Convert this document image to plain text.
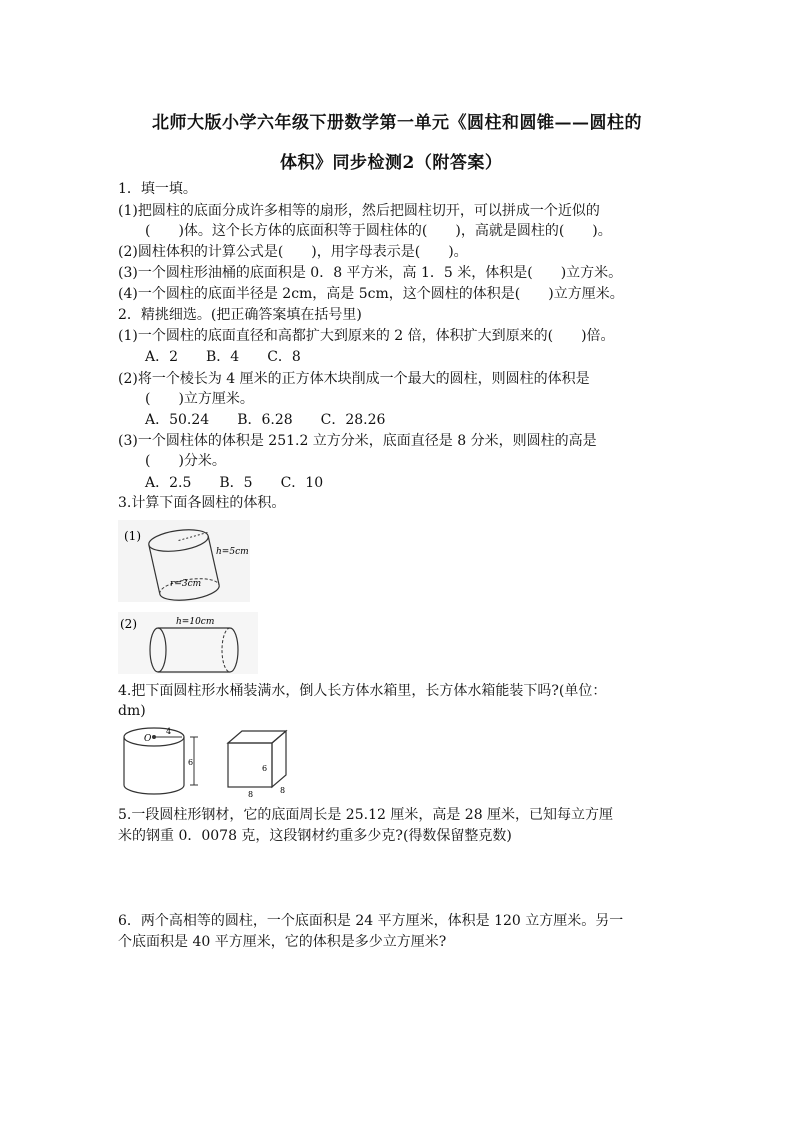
北师大版小学六年级下册数学第一单元《圆柱和圆锥——圆柱的
体积》同步检测2（附答案）
1．填一填。
(1)把圆柱的底面分成许多相等的扇形，然后把圆柱切开，可以拼成一个近似的
(　　)体。这个长方体的底面积等于圆柱体的(　　)，高就是圆柱的(　　)。
(2)圆柱体积的计算公式是(　　)，用字母表示是(　　)。
(3)一个圆柱形油桶的底面积是 0．8 平方米，高 1．5 米，体积是(　　)立方米。
(4)一个圆柱的底面半径是 2cm，高是 5cm，这个圆柱的体积是(　　)立方厘米。
2．精挑细选。(把正确答案填在括号里)
(1)一个圆柱的底面直径和高都扩大到原来的 2 倍，体积扩大到原来的(　　)倍。
A．2　　B．4　　C．8
(2)将一个棱长为 4 厘米的正方体木块削成一个最大的圆柱，则圆柱的体积是
(　　)立方厘米。
A．50.24　　B．6.28　　C．28.26
(3)一个圆柱体的体积是 251.2 立方分米，底面直径是 8 分米，则圆柱的高是
(　　)分米。
A．2.5　　B．5　　C．10
3.计算下面各圆柱的体积。
(1)
h=5cm
r=3cm
(2)	h=10cm
4.把下面圆柱形水桶装满水，倒人长方体水箱里，长方体水箱能装下吗?(单位：
dm)
O
4
6
6
8	8
5.一段圆柱形钢材，它的底面周长是 25.12 厘米，高是 28 厘米，已知每立方厘
米的钢重 0．0078 克，这段钢材约重多少克?(得数保留整克数)
6．两个高相等的圆柱，一个底面积是 24 平方厘米，体积是 120 立方厘米。另一
个底面积是 40 平方厘米，它的体积是多少立方厘米?
